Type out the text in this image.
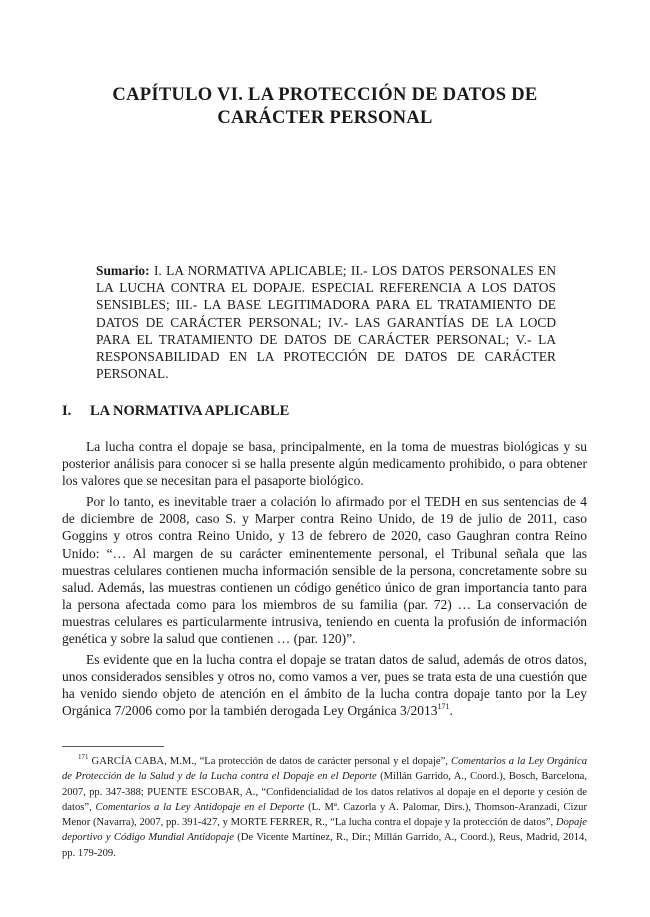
CAPÍTULO VI. LA PROTECCIÓN DE DATOS DE CARÁCTER PERSONAL

Sumario: I. LA NORMATIVA APLICABLE; II.- LOS DATOS PERSONALES EN LA LUCHA CONTRA EL DOPAJE. ESPECIAL REFERENCIA A LOS DATOS SENSIBLES; III.- LA BASE LEGITIMADORA PARA EL TRATAMIENTO DE DATOS DE CARÁCTER PERSONAL; IV.- LAS GARANTÍAS DE LA LOCD PARA EL TRATAMIENTO DE DATOS DE CARÁCTER PERSONAL; V.- LA RESPONSABILIDAD EN LA PROTECCIÓN DE DATOS DE CARÁCTER PERSONAL.

I. LA NORMATIVA APLICABLE

La lucha contra el dopaje se basa, principalmente, en la toma de muestras biológicas y su posterior análisis para conocer si se halla presente algún medicamento prohibido, o para obtener los valores que se necesitan para el pasaporte biológico.

Por lo tanto, es inevitable traer a colación lo afirmado por el TEDH en sus sentencias de 4 de diciembre de 2008, caso S. y Marper contra Reino Unido, de 19 de julio de 2011, caso Goggins y otros contra Reino Unido, y 13 de febrero de 2020, caso Gaughran contra Reino Unido: “… Al margen de su carácter eminentemente personal, el Tribunal señala que las muestras celulares contienen mucha información sensible de la persona, concretamente sobre su salud. Además, las muestras contienen un código genético único de gran importancia tanto para la persona afectada como para los miembros de su familia (par. 72) … La conservación de muestras celulares es particularmente intrusiva, teniendo en cuenta la profusión de información genética y sobre la salud que contienen … (par. 120)”.

Es evidente que en la lucha contra el dopaje se tratan datos de salud, además de otros datos, unos considerados sensibles y otros no, como vamos a ver, pues se trata esta de una cuestión que ha venido siendo objeto de atención en el ámbito de la lucha contra dopaje tanto por la Ley Orgánica 7/2006 como por la también derogada Ley Orgánica 3/2013$^{171}$.

$^{171}$ GARCÍA CABA, M.M., “La protección de datos de carácter personal y el dopaje”, Comentarios a la Ley Orgánica de Protección de la Salud y de la Lucha contra el Dopaje en el Deporte (Millán Garrido, A., Coord.), Bosch, Barcelona, 2007, pp. 347-388; PUENTE ESCOBAR, A., “Confidencialidad de los datos relativos al dopaje en el deporte y cesión de datos”, Comentarios a la Ley Antidopaje en el Deporte (L. Mª. Cazorla y A. Palomar, Dirs.), Thomson-Aranzadi, Cizur Menor (Navarra), 2007, pp. 391-427, y MORTE FERRER, R., “La lucha contra el dopaje y la protección de datos”, Dopaje deportivo y Código Mundial Antidopaje (De Vicente Martínez, R., Dir.; Millán Garrido, A., Coord.), Reus, Madrid, 2014, pp. 179-209.
